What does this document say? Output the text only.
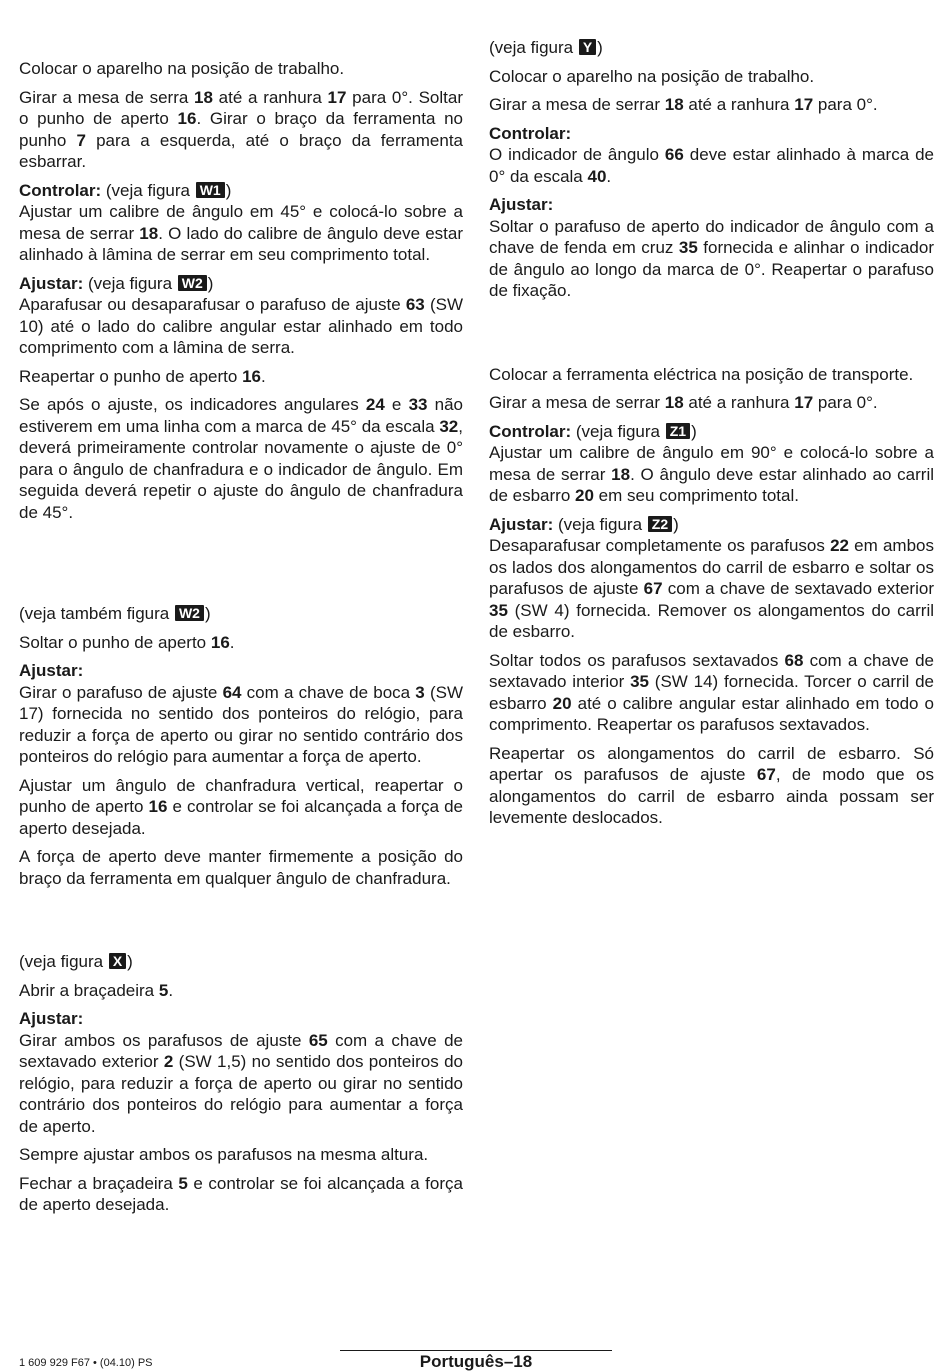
Colocar o aparelho na posição de trabalho.

Girar a mesa de serra 18 até a ranhura 17 para 0°. Soltar o punho de aperto 16. Girar o braço da ferramenta no punho 7 para a esquerda, até o braço da ferramenta esbarrar.

Controlar: (veja figura W1 )

Ajustar um calibre de ângulo em 45° e colocá-lo sobre a mesa de serrar 18. O lado do calibre de ângulo deve estar alinhado à lâmina de serrar em seu comprimento total.

Ajustar: (veja figura W2 )

Aparafusar ou desaparafusar o parafuso de ajuste 63 (SW 10) até o lado do calibre angular estar alinhado em todo comprimento com a lâmina de serra.

Reapertar o punho de aperto 16.

Se após o ajuste, os indicadores angulares 24 e 33 não estiverem em uma linha com a marca de 45° da escala 32, deverá primeiramente controlar novamente o ajuste de 0° para o ângulo de chanfradura e o indicador de ângulo. Em seguida deverá repetir o ajuste do ângulo de chanfradura de 45°.

(veja também figura W2 )

Soltar o punho de aperto 16.

Ajustar:

Girar o parafuso de ajuste 64 com a chave de boca 3 (SW 17) fornecida no sentido dos ponteiros do relógio, para reduzir a força de aperto ou girar no sentido contrário dos ponteiros do relógio para aumentar a força de aperto.

Ajustar um ângulo de chanfradura vertical, reapertar o punho de aperto 16 e controlar se foi alcançada a força de aperto desejada.

A força de aperto deve manter firmemente a posição do braço da ferramenta em qualquer ângulo de chanfradura.

(veja figura X )

Abrir a braçadeira 5.

Ajustar:

Girar ambos os parafusos de ajuste 65 com a chave de sextavado exterior 2 (SW 1,5) no sentido dos ponteiros do relógio, para reduzir a força de aperto ou girar no sentido contrário dos ponteiros do relógio para aumentar a força de aperto.

Sempre ajustar ambos os parafusos na mesma altura.

Fechar a braçadeira 5 e controlar se foi alcançada a força de aperto desejada.

(veja figura Y )

Colocar o aparelho na posição de trabalho.

Girar a mesa de serrar 18 até a ranhura 17 para 0°.

Controlar:

O indicador de ângulo 66 deve estar alinhado à marca de 0° da escala 40.

Ajustar:

Soltar o parafuso de aperto do indicador de ângulo com a chave de fenda em cruz 35 fornecida e alinhar o indicador de ângulo ao longo da marca de 0°. Reapertar o parafuso de fixação.

Colocar a ferramenta eléctrica na posição de transporte.

Girar a mesa de serrar 18 até a ranhura 17 para 0°.

Controlar: (veja figura Z1 )

Ajustar um calibre de ângulo em 90° e colocá-lo sobre a mesa de serrar 18. O ângulo deve estar alinhado ao carril de esbarro 20 em seu comprimento total.

Ajustar: (veja figura Z2 )

Desaparafusar completamente os parafusos 22 em ambos os lados dos alongamentos do carril de esbarro e soltar os parafusos de ajuste 67 com a chave de sextavado exterior 35 (SW 4) fornecida. Remover os alongamentos do carril de esbarro.

Soltar todos os parafusos sextavados 68 com a chave de sextavado interior 35 (SW 14) fornecida. Torcer o carril de esbarro 20 até o calibre angular estar alinhado em todo o comprimento. Reapertar os parafusos sextavados.

Reapertar os alongamentos do carril de esbarro. Só apertar os parafusos de ajuste 67, de modo que os alongamentos do carril de esbarro ainda possam ser levemente deslocados.

1 609 929 F67 • (04.10) PS	Português–18
